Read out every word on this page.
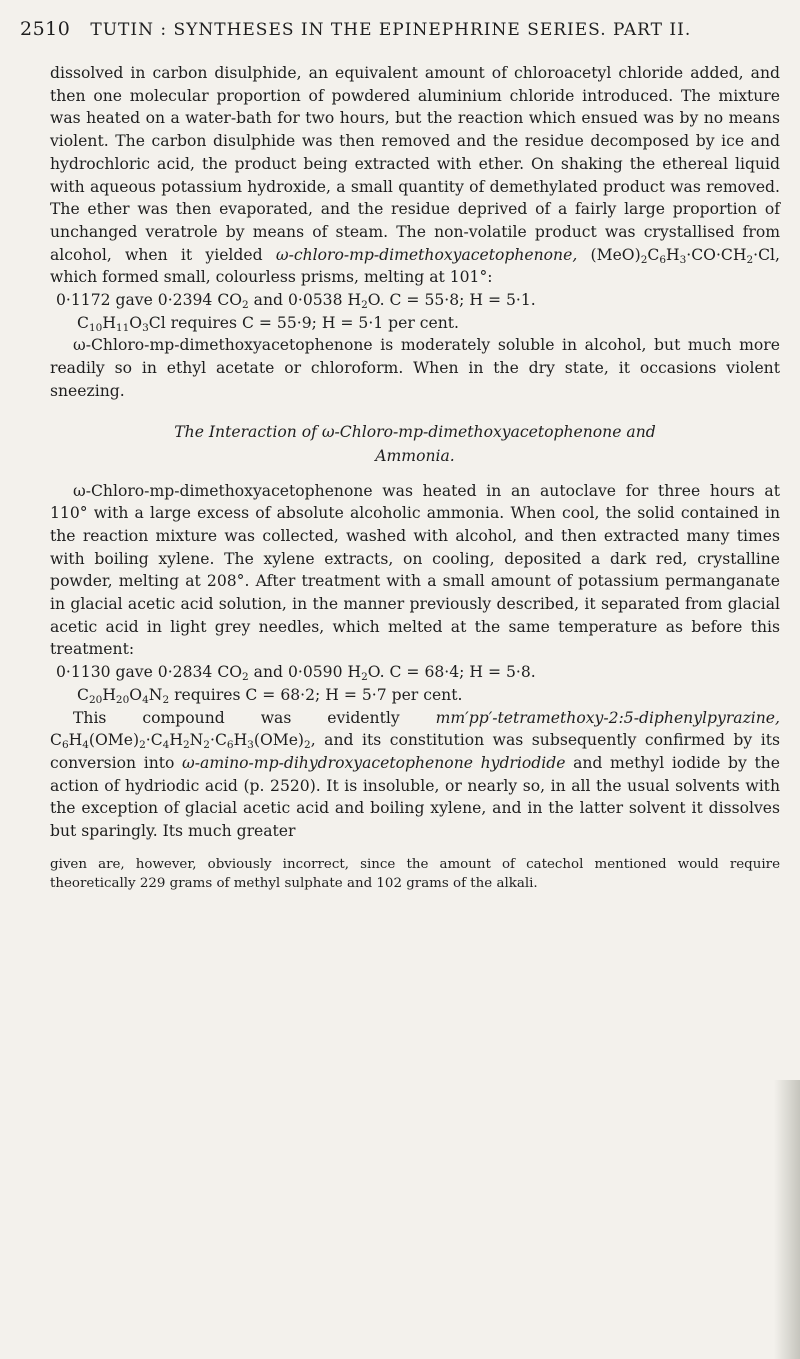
2510 TUTIN : SYNTHESES IN THE EPINEPHRINE SERIES. PART II.

dissolved in carbon disulphide, an equivalent amount of chloroacetyl chloride added, and then one molecular proportion of powdered aluminium chloride introduced. The mixture was heated on a water-bath for two hours, but the reaction which ensued was by no means violent. The carbon disulphide was then removed and the residue decomposed by ice and hydrochloric acid, the product being extracted with ether. On shaking the ethereal liquid with aqueous potassium hydroxide, a small quantity of demethylated product was removed. The ether was then evaporated, and the residue deprived of a fairly large proportion of unchanged veratrole by means of steam. The non-volatile product was crystallised from alcohol, when it yielded ω-chloro-mp-dimethoxyacetophenone, $(MeO)_2C_6H_3\cdot CO\cdot CH_2\cdot Cl$, which formed small, colourless prisms, melting at 101°:

0·1172 gave 0·2394 $CO_2$ and 0·0538 $H_2O$. C = 55·8; H = 5·1.

$C_{10}H_{11}O_3Cl$ requires C = 55·9; H = 5·1 per cent.

ω-Chloro-mp-dimethoxyacetophenone is moderately soluble in alcohol, but much more readily so in ethyl acetate or chloroform. When in the dry state, it occasions violent sneezing.

The Interaction of ω-Chloro-mp-dimethoxyacetophenone and
Ammonia.

ω-Chloro-mp-dimethoxyacetophenone was heated in an autoclave for three hours at 110° with a large excess of absolute alcoholic ammonia. When cool, the solid contained in the reaction mixture was collected, washed with alcohol, and then extracted many times with boiling xylene. The xylene extracts, on cooling, deposited a dark red, crystalline powder, melting at 208°. After treatment with a small amount of potassium permanganate in glacial acetic acid solution, in the manner previously described, it separated from glacial acetic acid in light grey needles, which melted at the same temperature as before this treatment:

0·1130 gave 0·2834 $CO_2$ and 0·0590 $H_2O$. C = 68·4; H = 5·8.

$C_{20}H_{20}O_4N_2$ requires C = 68·2; H = 5·7 per cent.

This compound was evidently mm′pp′-tetramethoxy-2:5-diphenylpyrazine, $C_6H_4(OMe)_2\cdot C_4H_2N_2\cdot C_6H_3(OMe)_2$, and its constitution was subsequently confirmed by its conversion into ω-amino-mp-dihydroxyacetophenone hydriodide and methyl iodide by the action of hydriodic acid (p. 2520). It is insoluble, or nearly so, in all the usual solvents with the exception of glacial acetic acid and boiling xylene, and in the latter solvent it dissolves but sparingly. Its much greater

given are, however, obviously incorrect, since the amount of catechol mentioned would require theoretically 229 grams of methyl sulphate and 102 grams of the alkali.
